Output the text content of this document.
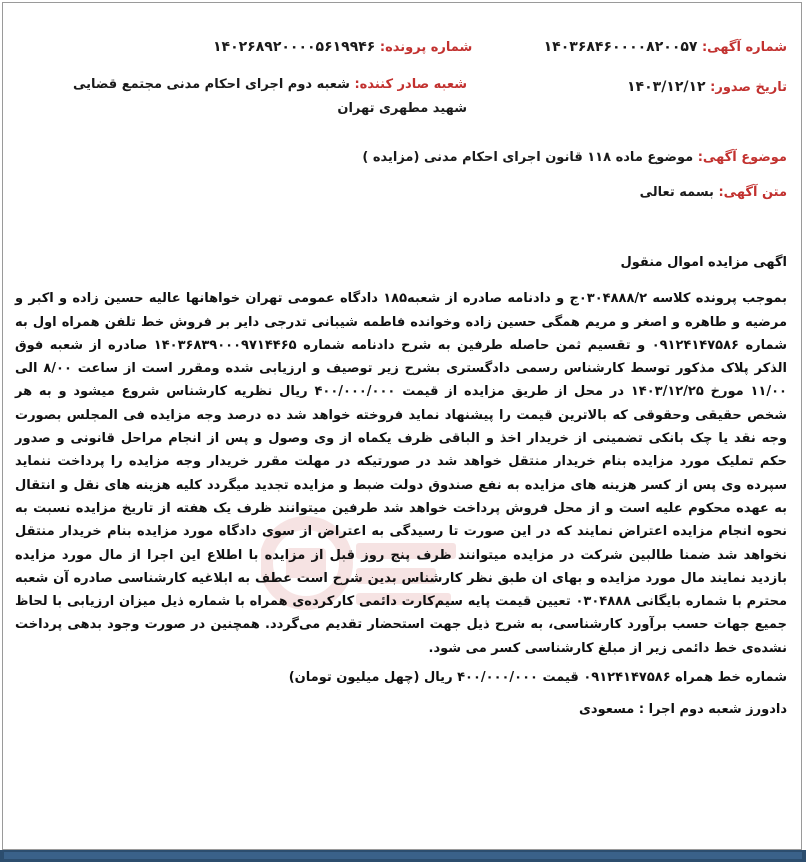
شماره آگهی: ۱۴۰۳۶۸۴۶۰۰۰۰۸۲۰۰۵۷
شماره پرونده: ۱۴۰۲۶۸۹۲۰۰۰۰۵۶۱۹۹۴۶
تاریخ صدور: ۱۴۰۳/۱۲/۱۲
شعبه صادر کننده: شعبه دوم اجرای احکام مدنی مجتمع قضایی شهید مطهری تهران
موضوع آگهی: موضوع ماده ۱۱۸ قانون اجرای احکام مدنی (مزایده )
متن آگهی: بسمه تعالی

اگهی مزایده اموال منقول

بموجب پرونده کلاسه ۰۳۰۴۸۸۸/۲ج و دادنامه صادره از شعبه۱۸۵ دادگاه عمومی تهران خواهانها عالیه حسین زاده و اکبر و مرضیه و طاهره و اصغر و مریم همگی حسین زاده وخوانده فاطمه شیبانی تدرجی دایر بر فروش خط تلفن همراه اول به شماره ۰۹۱۲۴۱۴۷۵۸۶ و تقسیم ثمن حاصله طرفین به شرح دادنامه شماره ۱۴۰۳۶۸۳۹۰۰۰۹۷۱۴۴۶۵ صادره از شعبه فوق الذکر پلاک مذکور توسط کارشناس رسمی دادگستری بشرح زیر توصیف و ارزیابی شده ومقرر است از ساعت ۸/۰۰ الی ۱۱/۰۰ مورخ ۱۴۰۳/۱۲/۲۵ در محل از طریق مزایده از قیمت ۴۰۰/۰۰۰/۰۰۰ ریال نظریه کارشناس شروع میشود و به هر شخص حقیقی وحقوقی که بالاترین قیمت را پیشنهاد نماید فروخته خواهد شد ده درصد وجه مزایده فی المجلس بصورت وجه نقد یا چک بانکی تضمینی از خریدار اخذ و الباقی ظرف یکماه از وی وصول و پس از انجام مراحل قانونی و صدور حکم تملیک مورد مزایده بنام خریدار منتقل خواهد شد در صورتیکه در مهلت مقرر خریدار وجه مزایده را پرداخت ننماید سپرده وی پس از کسر هزینه های مزایده به نفع صندوق دولت ضبط و مزایده تجدید میگردد کلیه هزینه های نقل و انتقال به عهده محکوم علیه است و از محل فروش پرداخت خواهد شد طرفین میتوانند ظرف یک هفته از تاریخ مزایده نسبت به نحوه انجام مزایده اعتراض نمایند که در این صورت تا رسیدگی به اعتراض از سوی دادگاه مورد مزایده بنام خریدار منتقل نخواهد شد ضمنا طالبین شرکت در مزایده میتوانند ظرف پنج روز قبل از مزایده با اطلاع این اجرا از مال مورد مزایده بازدید نمایند مال مورد مزایده و بهای ان طبق نظر کارشناس بدین شرح است عطف به ابلاغیه کارشناسی صادره آن شعبه محترم با شماره بایگانی ۰۳۰۴۸۸۸ تعیین قیمت پایه سیم‌کارت دائمی کارکرده‌ی همراه با شماره ذیل میزان ارزیابی با لحاظ جمیع جهات حسب برآورد کارشناسی، به شرح ذیل جهت استحضار تقدیم می‌گردد. همچنین در صورت وجود بدهی پرداخت نشده‌ی خط دائمی زیر از مبلغ کارشناسی کسر می شود.

شماره خط همراه ۰۹۱۲۴۱۴۷۵۸۶ قیمت ۴۰۰/۰۰۰/۰۰۰ ریال (چهل میلیون تومان)

دادورز شعبه دوم اجرا : مسعودی
